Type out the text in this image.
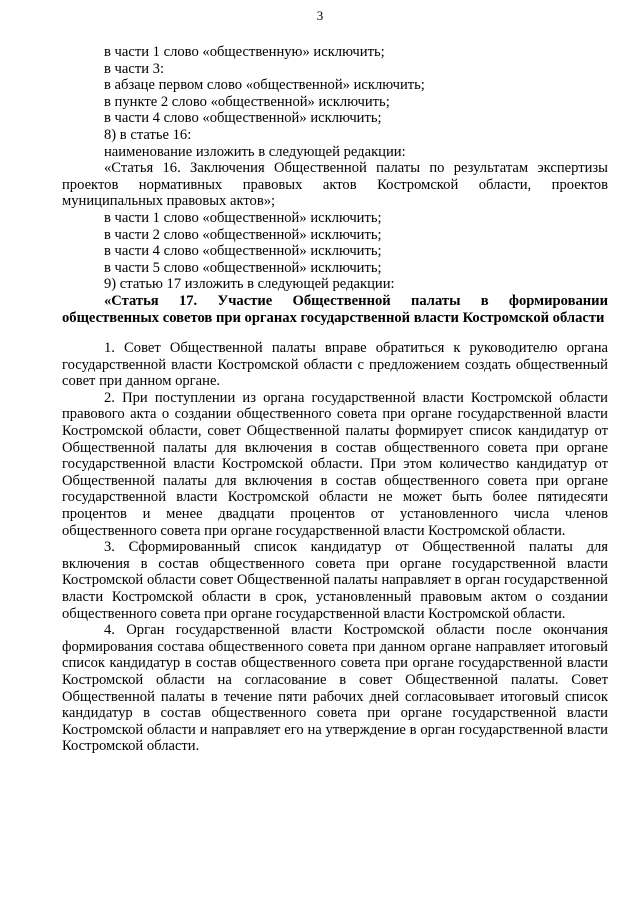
3

в части 1 слово «общественную» исключить;

в части 3:

в абзаце первом слово «общественной» исключить;

в пункте 2 слово «общественной» исключить;

в части 4 слово «общественной» исключить;

8) в статье 16:

наименование изложить в следующей редакции:

«Статья 16. Заключения Общественной палаты по результатам экспертизы проектов нормативных правовых актов Костромской области, проектов муниципальных правовых актов»;

в части 1 слово «общественной» исключить;

в части 2 слово «общественной» исключить;

в части 4 слово «общественной» исключить;

в части 5 слово «общественной» исключить;

9) статью 17 изложить в следующей редакции:

«Статья 17. Участие Общественной палаты в формировании общественных советов при органах государственной власти Костромской области

1. Совет Общественной палаты вправе обратиться к руководителю органа государственной власти Костромской области с предложением создать общественный совет при данном органе.

2. При поступлении из органа государственной власти Костромской области правового акта о создании общественного совета при органе государственной власти Костромской области, совет Общественной палаты формирует список кандидатур от Общественной палаты для включения в состав общественного совета при органе государственной власти Костромской области. При этом количество кандидатур от Общественной палаты для включения в состав общественного совета при органе государственной власти Костромской области не может быть более пятидесяти процентов и менее двадцати процентов от установленного числа членов общественного совета при органе государственной власти Костромской области.

3. Сформированный список кандидатур от Общественной палаты для включения в состав общественного совета при органе государственной власти Костромской области совет Общественной палаты направляет в орган государственной власти Костромской области в срок, установленный правовым актом о создании общественного совета при органе государственной власти Костромской области.

4. Орган государственной власти Костромской области после окончания формирования состава общественного совета при данном органе направляет итоговый список кандидатур в состав общественного совета при органе государственной власти Костромской области на согласование в совет Общественной палаты. Совет Общественной палаты в течение пяти рабочих дней согласовывает итоговый список кандидатур в состав общественного совета при органе государственной власти Костромской области и направляет его на утверждение в орган государственной власти Костромской области.
